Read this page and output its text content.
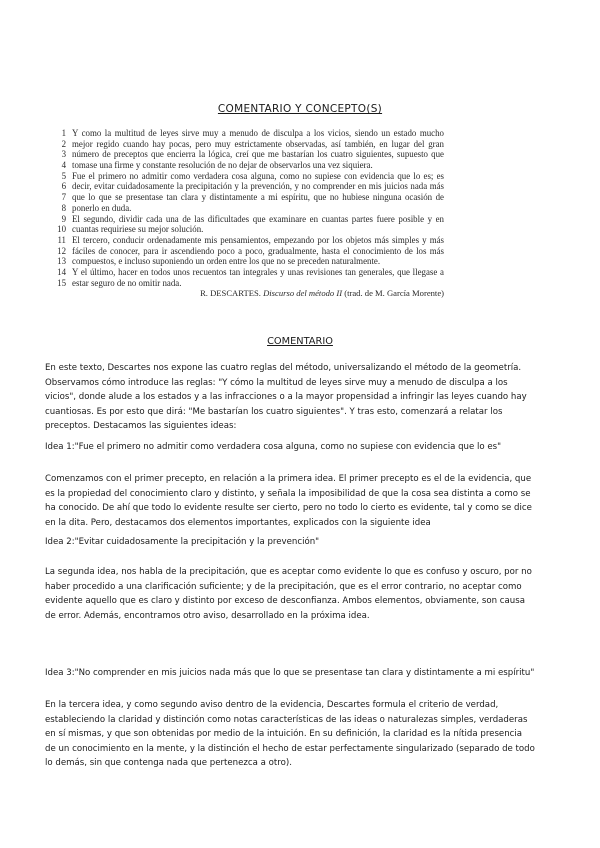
COMENTARIO Y CONCEPTO(S)
1 Y como la multitud de leyes sirve muy a menudo de disculpa a los vicios, siendo un estado mucho
2 mejor regido cuando hay pocas, pero muy estrictamente observadas, así también, en lugar del gran
3 número de preceptos que encierra la lógica, creí que me bastarían los cuatro siguientes, supuesto que
4 tomase una firme y constante resolución de no dejar de observarlos una vez siquiera.
5 Fue el primero no admitir como verdadera cosa alguna, como no supiese con evidencia que lo es; es
6 decir, evitar cuidadosamente la precipitación y la prevención, y no comprender en mis juicios nada más
7 que lo que se presentase tan clara y distintamente a mi espíritu, que no hubiese ninguna ocasión de
8 ponerlo en duda.
9 El segundo, dividir cada una de las dificultades que examinare en cuantas partes fuere posible y en
10 cuantas requiriese su mejor solución.
11 El tercero, conducir ordenadamente mis pensamientos, empezando por los objetos más simples y más
12 fáciles de conocer, para ir ascendiendo poco a poco, gradualmente, hasta el conocimiento de los más
13 compuestos, e incluso suponiendo un orden entre los que no se preceden naturalmente.
14 Y el último, hacer en todos unos recuentos tan integrales y unas revisiones tan generales, que llegase a
15 estar seguro de no omitir nada.
R. DESCARTES. Discurso del método II (trad. de M. García Morente)
COMENTARIO
En este texto, Descartes nos expone las cuatro reglas del método, universalizando el método de la geometría.
Observamos cómo introduce las reglas: "Y cómo la multitud de leyes sirve muy a menudo de disculpa a los
vicios", donde alude a los estados y a las infracciones o a la mayor propensidad a infringir las leyes cuando hay
cuantiosas. Es por esto que dirá: "Me bastarían los cuatro siguientes". Y tras esto, comenzará a relatar los
preceptos. Destacamos las siguientes ideas:
Idea 1:"Fue el primero no admitir como verdadera cosa alguna, como no supiese con evidencia que lo es"
Comenzamos con el primer precepto, en relación a la primera idea. El primer precepto es el de la evidencia, que
es la propiedad del conocimiento claro y distinto, y señala la imposibilidad de que la cosa sea distinta a como se
ha conocido. De ahí que todo lo evidente resulte ser cierto, pero no todo lo cierto es evidente, tal y como se dice
en la dita. Pero, destacamos dos elementos importantes, explicados con la siguiente idea
Idea 2:"Evitar cuidadosamente la precipitación y la prevención"
La segunda idea, nos habla de la precipitación, que es aceptar como evidente lo que es confuso y oscuro, por no
haber procedido a una clarificación suficiente; y de la precipitación, que es el error contrario, no aceptar como
evidente aquello que es claro y distinto por exceso de desconfianza. Ambos elementos, obviamente, son causa
de error. Además, encontramos otro aviso, desarrollado en la próxima idea.
Idea 3:"No comprender en mis juicios nada más que lo que se presentase tan clara y distintamente a mi espíritu"
En la tercera idea, y como segundo aviso dentro de la evidencia, Descartes formula el criterio de verdad,
estableciendo la claridad y distinción como notas características de las ideas o naturalezas simples, verdaderas
en sí mismas, y que son obtenidas por medio de la intuición. En su definición, la claridad es la nítida presencia
de un conocimiento en la mente, y la distinción el hecho de estar perfectamente singularizado (separado de todo
lo demás, sin que contenga nada que pertenezca a otro).
